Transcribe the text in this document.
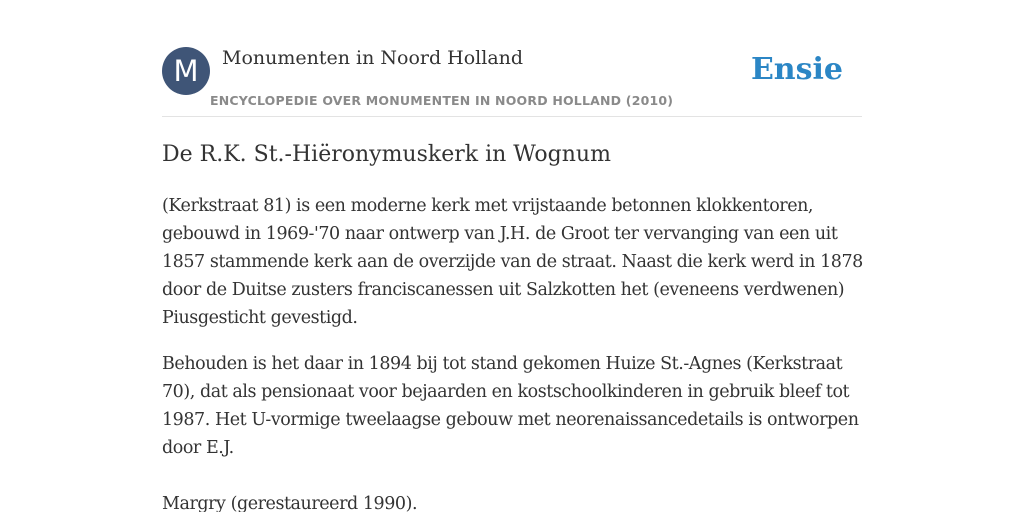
M	Monumenten in Noord Holland
ENCYCLOPEDIE OVER MONUMENTEN IN NOORD HOLLAND (2010)
Ensie
De R.K. St.-Hiëronymuskerk in Wognum

(Kerkstraat 81) is een moderne kerk met vrijstaande betonnen klokkentoren, gebouwd in 1969-'70 naar ontwerp van J.H. de Groot ter vervanging van een uit 1857 stammende kerk aan de overzijde van de straat. Naast die kerk werd in 1878 door de Duitse zusters franciscanessen uit Salzkotten het (eveneens verdwenen) Piusgesticht gevestigd.

Behouden is het daar in 1894 bij tot stand gekomen Huize St.-Agnes (Kerkstraat 70), dat als pensionaat voor bejaarden en kostschoolkinderen in gebruik bleef tot 1987. Het U-vormige tweelaagse gebouw met neorenaissancedetails is ontworpen door E.J.

Margry (gerestaureerd 1990).
